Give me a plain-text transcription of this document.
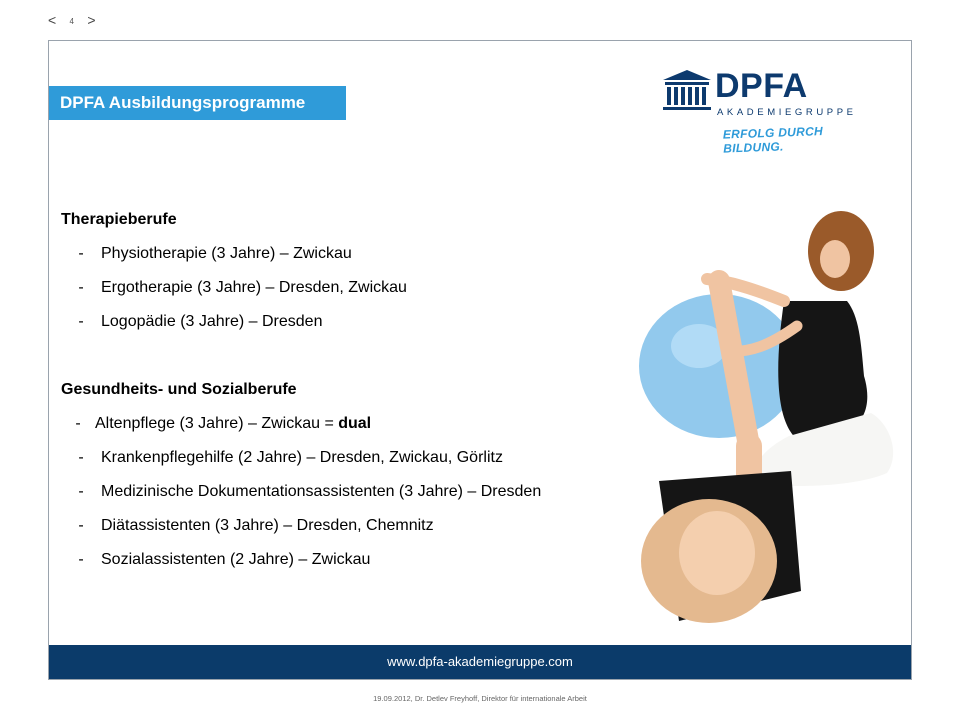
< 4 >
DPFA Ausbildungsprogramme	DPFA
AKADEMIEGRUPPE
ERFOLG DURCH BILDUNG.
Therapieberufe
- Physiotherapie (3 Jahre) – Zwickau
- Ergotherapie (3 Jahre) – Dresden, Zwickau
- Logopädie (3 Jahre) – Dresden
Gesundheits- und Sozialberufe
- Altenpflege (3 Jahre) – Zwickau = dual
- Krankenpflegehilfe (2 Jahre) – Dresden, Zwickau, Görlitz
- Medizinische Dokumentationsassistenten (3 Jahre) – Dresden
- Diätassistenten (3 Jahre) – Dresden, Chemnitz
- Sozialassistenten (2 Jahre) – Zwickau
www.dpfa-akademiegruppe.com
19.09.2012, Dr. Detlev Freyhoff, Direktor für internationale Arbeit
